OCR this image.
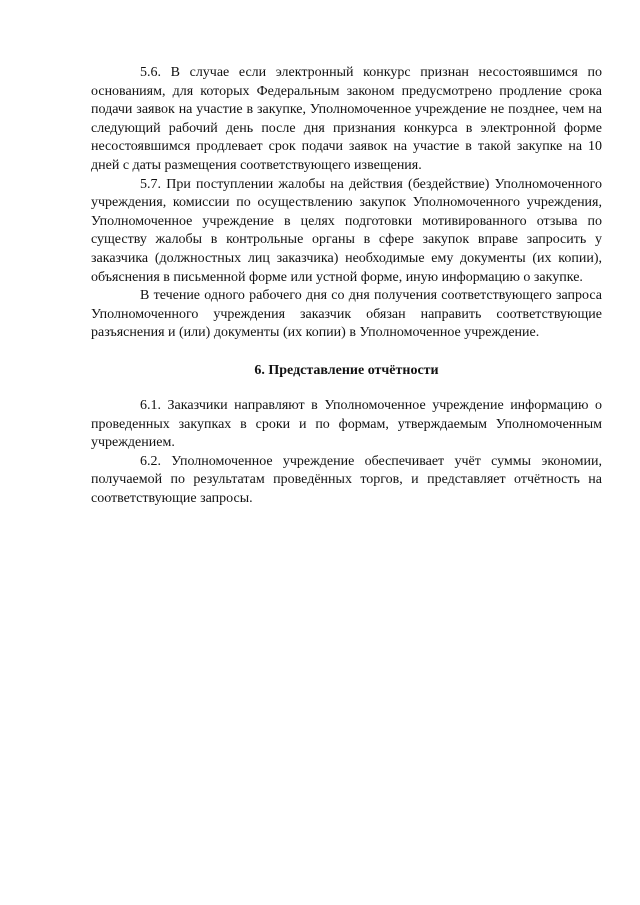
5.6. В случае если электронный конкурс признан несостоявшимся по основаниям, для которых Федеральным законом предусмотрено продление срока подачи заявок на участие в закупке, Уполномоченное учреждение не позднее, чем на следующий рабочий день после дня признания конкурса в электронной форме несостоявшимся продлевает срок подачи заявок на участие в такой закупке на 10 дней с даты размещения соответствующего извещения.

5.7. При поступлении жалобы на действия (бездействие) Уполномоченного учреждения, комиссии по осуществлению закупок Уполномоченного учреждения, Уполномоченное учреждение в целях подготовки мотивированного отзыва по существу жалобы в контрольные органы в сфере закупок вправе запросить у заказчика (должностных лиц заказчика) необходимые ему документы (их копии), объяснения в письменной форме или устной форме, иную информацию о закупке.

В течение одного рабочего дня со дня получения соответствующего запроса Уполномоченного учреждения заказчик обязан направить соответствующие разъяснения и (или) документы (их копии) в Уполномоченное учреждение.

6. Представление отчётности

6.1. Заказчики направляют в Уполномоченное учреждение информацию о проведенных закупках в сроки и по формам, утверждаемым Уполномоченным учреждением.

6.2. Уполномоченное учреждение обеспечивает учёт суммы экономии, получаемой по результатам проведённых торгов, и представляет отчётность на соответствующие запросы.
